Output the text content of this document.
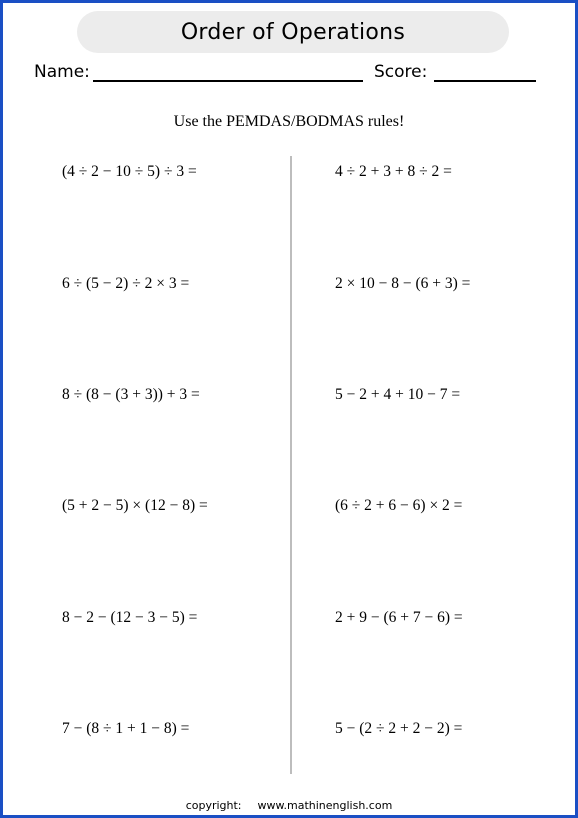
Order of Operations
Name:	Score:
Use the PEMDAS/BODMAS rules!
(4 ÷ 2 − 10 ÷ 5) ÷ 3 =
6 ÷ (5 − 2) ÷ 2 × 3 =
8 ÷ (8 − (3 + 3)) + 3 =
(5 + 2 − 5) × (12 − 8) =
8 − 2 − (12 − 3 − 5) =
7 − (8 ÷ 1 + 1 − 8) =
4 ÷ 2 + 3 + 8 ÷ 2 =
2 × 10 − 8 − (6 + 3) =
5 − 2 + 4 + 10 − 7 =
(6 ÷ 2 + 6 − 6) × 2 =
2 + 9 − (6 + 7 − 6) =
5 − (2 ÷ 2 + 2 − 2) =
copyright: www.mathinenglish.com
